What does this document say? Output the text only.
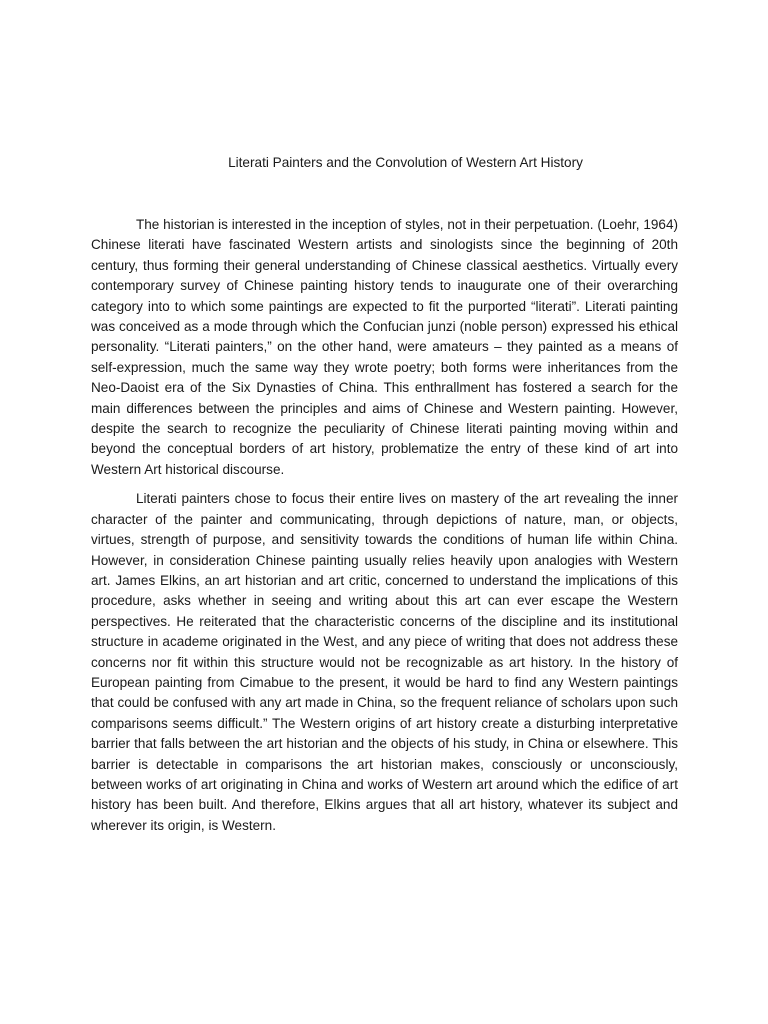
Literati Painters and the Convolution of Western Art History

The historian is interested in the inception of styles, not in their perpetuation. (Loehr, 1964) Chinese literati have fascinated Western artists and sinologists since the beginning of 20th century, thus forming their general understanding of Chinese classical aesthetics. Virtually every contemporary survey of Chinese painting history tends to inaugurate one of their overarching category into to which some paintings are expected to fit the purported “literati”. Literati painting was conceived as a mode through which the Confucian junzi (noble person) expressed his ethical personality. “Literati painters,” on the other hand, were amateurs – they painted as a means of self-expression, much the same way they wrote poetry; both forms were inheritances from the Neo-Daoist era of the Six Dynasties of China. This enthrallment has fostered a search for the main differences between the principles and aims of Chinese and Western painting. However, despite the search to recognize the peculiarity of Chinese literati painting moving within and beyond the conceptual borders of art history, problematize the entry of these kind of art into Western Art historical discourse.

Literati painters chose to focus their entire lives on mastery of the art revealing the inner character of the painter and communicating, through depictions of nature, man, or objects, virtues, strength of purpose, and sensitivity towards the conditions of human life within China. However, in consideration Chinese painting usually relies heavily upon analogies with Western art. James Elkins, an art historian and art critic, concerned to understand the implications of this procedure, asks whether in seeing and writing about this art can ever escape the Western perspectives. He reiterated that the characteristic concerns of the discipline and its institutional structure in academe originated in the West, and any piece of writing that does not address these concerns nor fit within this structure would not be recognizable as art history. In the history of European painting from Cimabue to the present, it would be hard to find any Western paintings that could be confused with any art made in China, so the frequent reliance of scholars upon such comparisons seems difficult.” The Western origins of art history create a disturbing interpretative barrier that falls between the art historian and the objects of his study, in China or elsewhere. This barrier is detectable in comparisons the art historian makes, consciously or unconsciously, between works of art originating in China and works of Western art around which the edifice of art history has been built. And therefore, Elkins argues that all art history, whatever its subject and wherever its origin, is Western.
